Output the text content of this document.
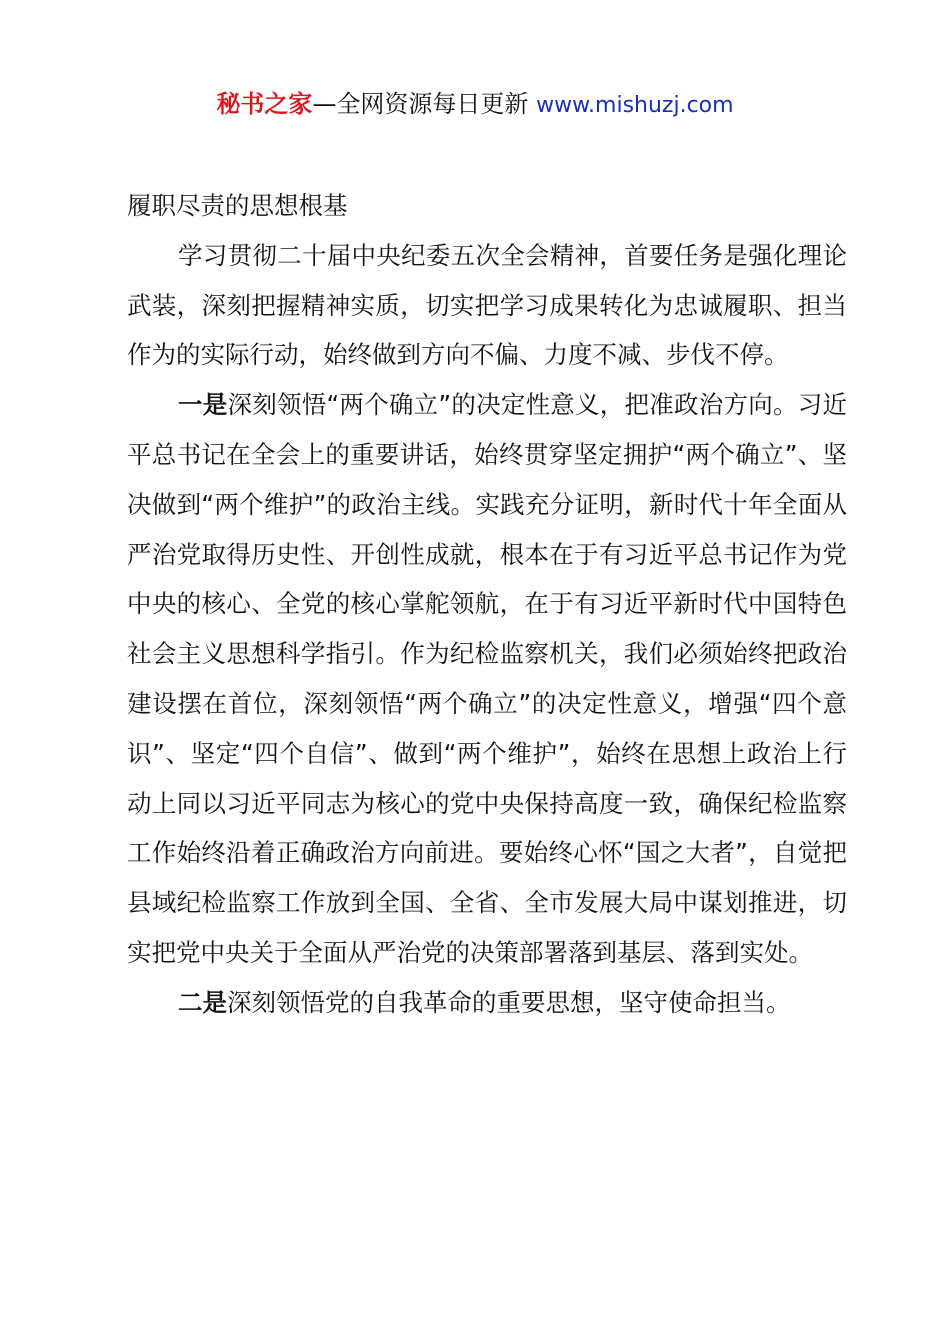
秘书之家—全网资源每日更新 www.mishuzj.com

履职尽责的思想根基

学习贯彻二十届中央纪委五次全会精神，首要任务是强化理论武装，深刻把握精神实质，切实把学习成果转化为忠诚履职、担当作为的实际行动，始终做到方向不偏、力度不减、步伐不停。

一是深刻领悟“两个确立”的决定性意义，把准政治方向。习近平总书记在全会上的重要讲话，始终贯穿坚定拥护“两个确立”、坚决做到“两个维护”的政治主线。实践充分证明，新时代十年全面从严治党取得历史性、开创性成就，根本在于有习近平总书记作为党中央的核心、全党的核心掌舵领航，在于有习近平新时代中国特色社会主义思想科学指引。作为纪检监察机关，我们必须始终把政治建设摆在首位，深刻领悟“两个确立”的决定性意义，增强“四个意识”、坚定“四个自信”、做到“两个维护”，始终在思想上政治上行动上同以习近平同志为核心的党中央保持高度一致，确保纪检监察工作始终沿着正确政治方向前进。要始终心怀“国之大者”，自觉把县域纪检监察工作放到全国、全省、全市发展大局中谋划推进，切实把党中央关于全面从严治党的决策部署落到基层、落到实处。

二是深刻领悟党的自我革命的重要思想，坚守使命担当。
